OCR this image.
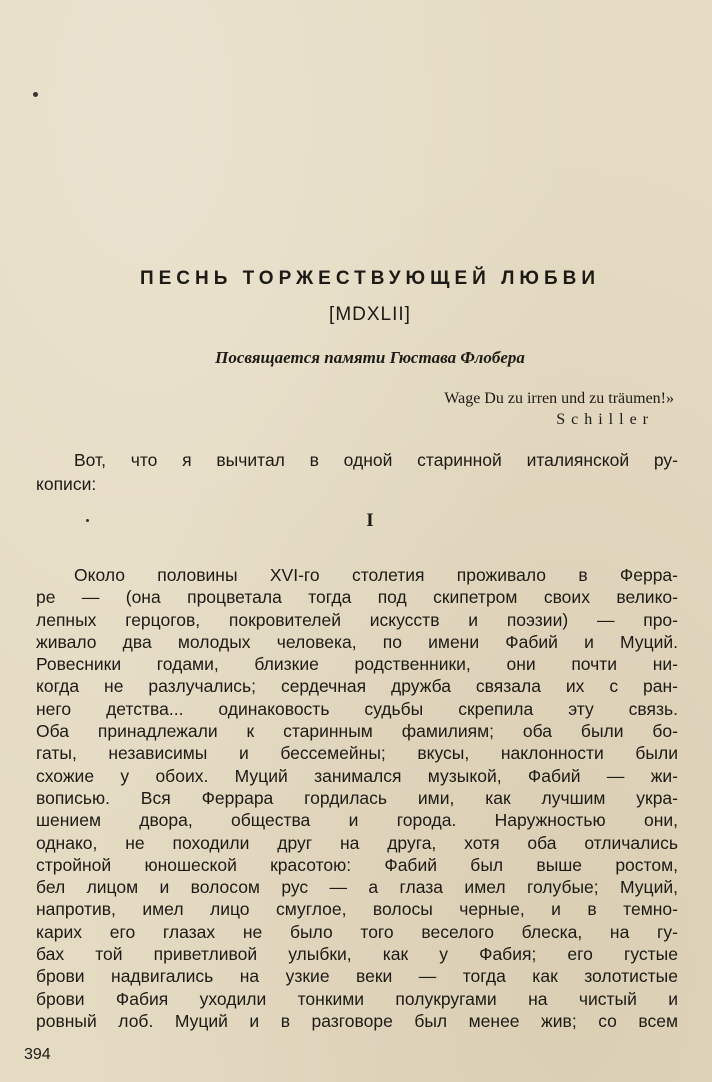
ПЕСНЬ ТОРЖЕСТВУЮЩЕЙ ЛЮБВИ
[MDXLII]
Посвящается памяти Гюстава Флобера
Wage Du zu irren und zu träumen!»
Schiller
Вот, что я вычитал в одной старинной италиянской ру-
кописи:
I
Около половины XVI-го столетия проживало в Ферра-
ре — (она процветала тогда под скипетром своих велико-
лепных герцогов, покровителей искусств и поэзии) — про-
живало два молодых человека, по имени Фабий и Муций.
Ровесники годами, близкие родственники, они почти ни-
когда не разлучались; сердечная дружба связала их с ран-
него детства... одинаковость судьбы скрепила эту связь.
Оба принадлежали к старинным фамилиям; оба были бо-
гаты, независимы и бессемейны; вкусы, наклонности были
схожие у обоих. Муций занимался музыкой, Фабий — жи-
вописью. Вся Феррара гордилась ими, как лучшим укра-
шением двора, общества и города. Наружностью они,
однако, не походили друг на друга, хотя оба отличались
стройной юношеской красотою: Фабий был выше ростом,
бел лицом и волосом рус — а глаза имел голубые; Муций,
напротив, имел лицо смуглое, волосы черные, и в темно-
карих его глазах не было того веселого блеска, на гу-
бах той приветливой улыбки, как у Фабия; его густые
брови надвигались на узкие веки — тогда как золотистые
брови Фабия уходили тонкими полукругами на чистый и
ровный лоб. Муций и в разговоре был менее жив; со всем
394
